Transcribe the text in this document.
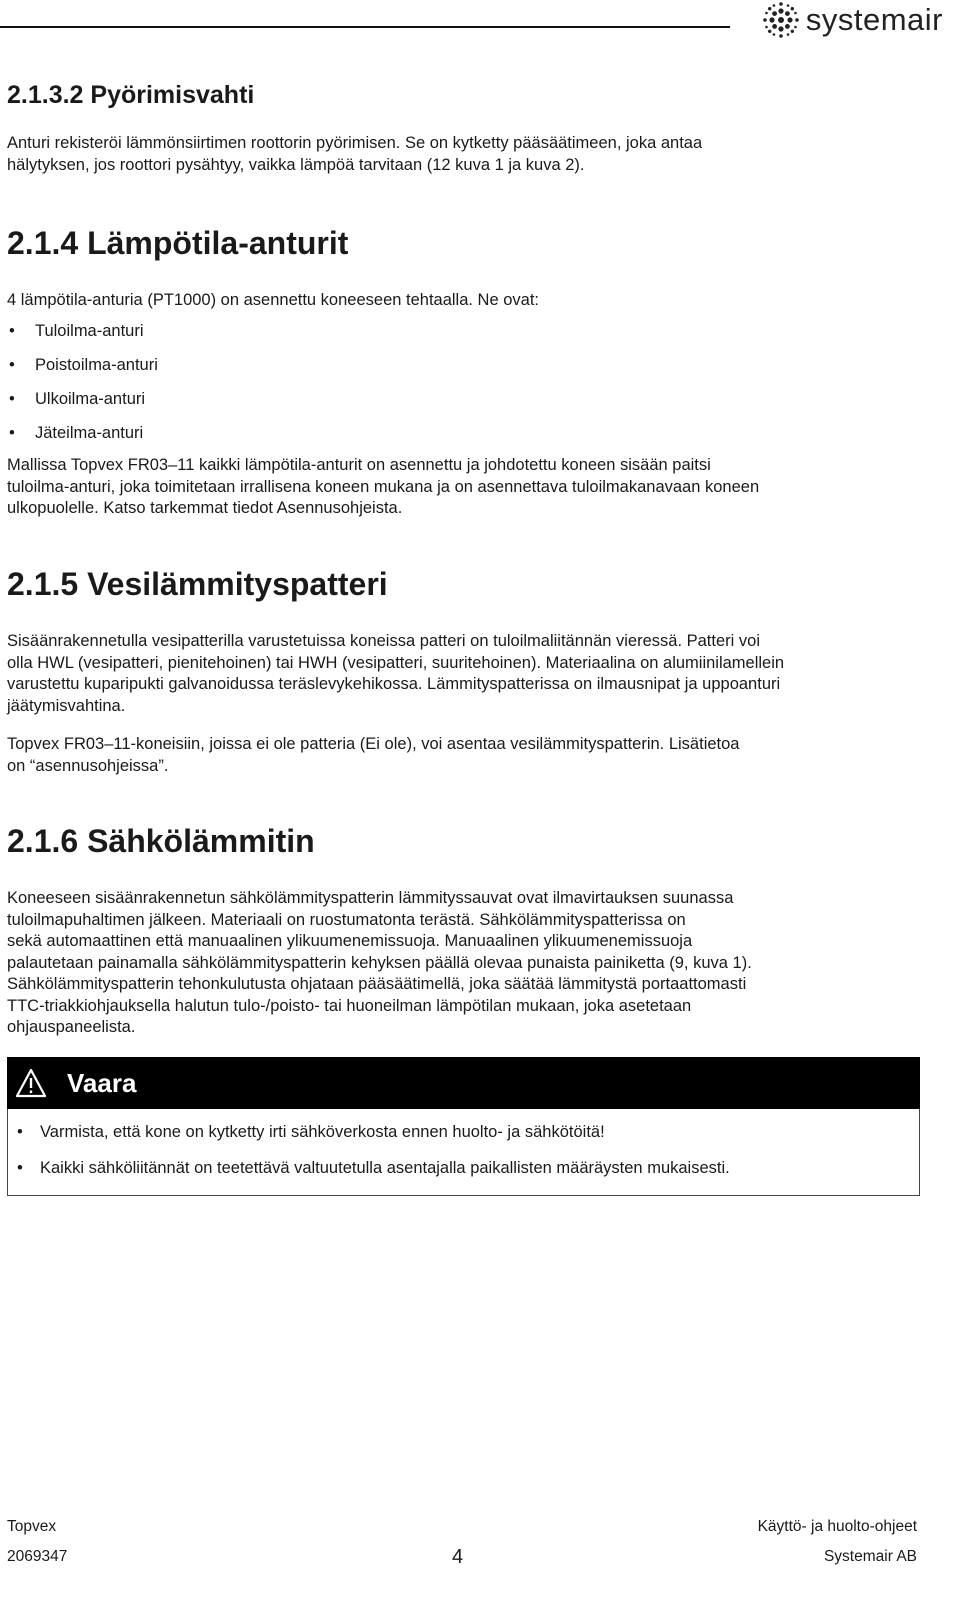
systemair
2.1.3.2 Pyörimisvahti

Anturi rekisteröi lämmönsiirtimen roottorin pyörimisen. Se on kytketty pääsäätimeen, joka antaa

hälytyksen, jos roottori pysähtyy, vaikka lämpöä tarvitaan (12 kuva 1 ja kuva 2).

2.1.4 Lämpötila-anturit

4 lämpötila-anturia (PT1000) on asennettu koneeseen tehtaalla. Ne ovat:

• Tuloilma-anturi
• Poistoilma-anturi
• Ulkoilma-anturi
• Jäteilma-anturi

Mallissa Topvex FR03–11 kaikki lämpötila-anturit on asennettu ja johdotettu koneen sisään paitsi

tuloilma-anturi, joka toimitetaan irrallisena koneen mukana ja on asennettava tuloilmakanavaan koneen

ulkopuolelle. Katso tarkemmat tiedot Asennusohjeista.

2.1.5 Vesilämmityspatteri

Sisäänrakennetulla vesipatterilla varustetuissa koneissa patteri on tuloilmaliitännän vieressä. Patteri voi

olla HWL (vesipatteri, pienitehoinen) tai HWH (vesipatteri, suuritehoinen). Materiaalina on alumiinilamellein

varustettu kuparipukti galvanoidussa teräslevykehikossa. Lämmityspatterissa on ilmausnipat ja uppoanturi

jäätymisvahtina.

Topvex FR03–11-koneisiin, joissa ei ole patteria (Ei ole), voi asentaa vesilämmityspatterin. Lisätietoa

on “asennusohjeissa”.

2.1.6 Sähkölämmitin

Koneeseen sisäänrakennetun sähkölämmityspatterin lämmityssauvat ovat ilmavirtauksen suunassa

tuloilmapuhaltimen jälkeen. Materiaali on ruostumatonta terästä. Sähkölämmityspatterissa on

sekä automaattinen että manuaalinen ylikuumenemissuoja. Manuaalinen ylikuumenemissuoja

palautetaan painamalla sähkölämmityspatterin kehyksen päällä olevaa punaista painiketta (9, kuva 1).

Sähkölämmityspatterin tehonkulutusta ohjataan pääsäätimellä, joka säätää lämmitystä portaattomasti

TTC-triakkiohjauksella halutun tulo-/poisto- tai huoneilman lämpötilan mukaan, joka asetetaan

ohjauspaneelista.

Vaara
• Varmista, että kone on kytketty irti sähköverkosta ennen huolto- ja sähkötöitä!
• Kaikki sähköliitännät on teetettävä valtuutetulla asentajalla paikallisten määräysten mukaisesti.
Topvex
2069347	4
Käyttö- ja huolto-ohjeet
Systemair AB
